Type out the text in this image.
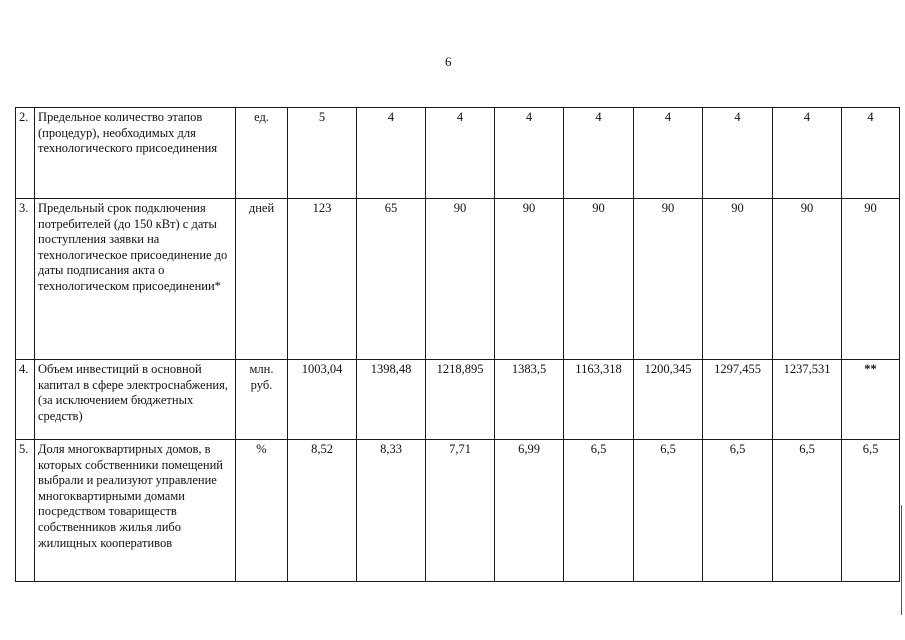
6
2.	Предельное количество этапов (процедур), необходимых для технологического присоединения	ед.	5	4	4	4	4	4	4	4	4
3.	Предельный срок подключения потребителей (до 150 кВт) с даты поступления заявки на технологическое присоединение до даты подписания акта о технологическом присоединении*	дней	123	65	90	90	90	90	90	90	90
4.	Объем инвестиций в основной капитал в сфере электроснабжения, (за исключением бюджетных средств)	млн. руб.	1003,04	1398,48	1218,895	1383,5	1163,318	1200,345	1297,455	1237,531	**
5.	Доля многоквартирных домов, в которых собственники помещений выбрали и реализуют управление многоквартирными домами посредством товариществ собственников жилья либо жилищных кооперативов	%	8,52	8,33	7,71	6,99	6,5	6,5	6,5	6,5	6,5
